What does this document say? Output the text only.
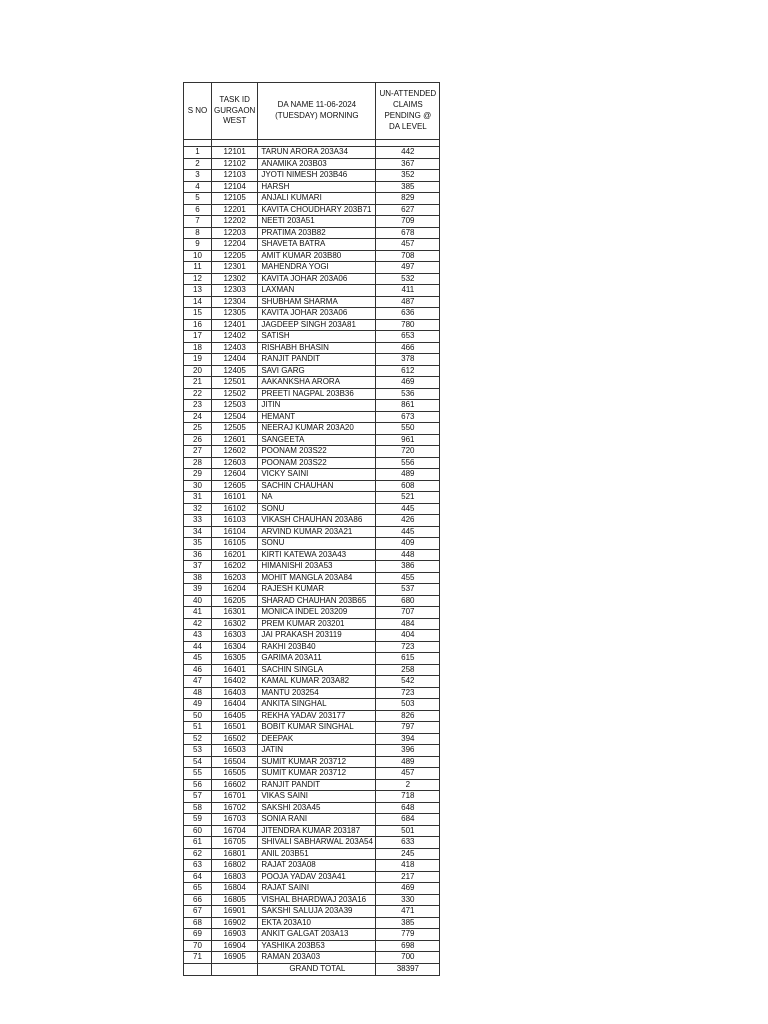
S NO	TASK ID GURGAON WEST	DA NAME 11-06-2024 (TUESDAY) MORNING	UN-ATTENDED CLAIMS PENDING @ DA LEVEL

1	12101	TARUN ARORA 203A34	442
2	12102	ANAMIKA 203B03	367
3	12103	JYOTI NIMESH 203B46	352
4	12104	HARSH	385
5	12105	ANJALI KUMARI	829
6	12201	KAVITA CHOUDHARY 203B71	627
7	12202	NEETI 203A51	709
8	12203	PRATIMA 203B82	678
9	12204	SHAVETA BATRA	457
10	12205	AMIT KUMAR 203B80	708
11	12301	MAHENDRA YOGI	497
12	12302	KAVITA JOHAR 203A06	532
13	12303	LAXMAN	411
14	12304	SHUBHAM SHARMA	487
15	12305	KAVITA JOHAR 203A06	636
16	12401	JAGDEEP SINGH 203A81	780
17	12402	SATISH	653
18	12403	RISHABH BHASIN	466
19	12404	RANJIT PANDIT	378
20	12405	SAVI GARG	612
21	12501	AAKANKSHA ARORA	469
22	12502	PREETI NAGPAL 203B36	536
23	12503	JITIN	861
24	12504	HEMANT	673
25	12505	NEERAJ KUMAR 203A20	550
26	12601	SANGEETA	961
27	12602	POONAM 203S22	720
28	12603	POONAM 203S22	556
29	12604	VICKY SAINI	489
30	12605	SACHIN CHAUHAN	608
31	16101	NA	521
32	16102	SONU	445
33	16103	VIKASH CHAUHAN 203A86	426
34	16104	ARVIND KUMAR 203A21	445
35	16105	SONU	409
36	16201	KIRTI KATEWA 203A43	448
37	16202	HIMANISHI 203A53	386
38	16203	MOHIT MANGLA 203A84	455
39	16204	RAJESH KUMAR	537
40	16205	SHARAD CHAUHAN 203B65	680
41	16301	MONICA INDEL 203209	707
42	16302	PREM KUMAR 203201	484
43	16303	JAI PRAKASH 203119	404
44	16304	RAKHI 203B40	723
45	16305	GARIMA 203A11	615
46	16401	SACHIN SINGLA	258
47	16402	KAMAL KUMAR 203A82	542
48	16403	MANTU 203254	723
49	16404	ANKITA SINGHAL	503
50	16405	REKHA YADAV 203177	826
51	16501	BOBIT KUMAR SINGHAL	797
52	16502	DEEPAK	394
53	16503	JATIN	396
54	16504	SUMIT KUMAR 203712	489
55	16505	SUMIT KUMAR 203712	457
56	16602	RANJIT PANDIT	2
57	16701	VIKAS SAINI	718
58	16702	SAKSHI 203A45	648
59	16703	SONIA RANI	684
60	16704	JITENDRA KUMAR 203187	501
61	16705	SHIVALI SABHARWAL 203A54	633
62	16801	ANIL 203B51	245
63	16802	RAJAT 203A08	418
64	16803	POOJA YADAV 203A41	217
65	16804	RAJAT SAINI	469
66	16805	VISHAL BHARDWAJ 203A16	330
67	16901	SAKSHI SALUJA 203A39	471
68	16902	EKTA 203A10	385
69	16903	ANKIT GALGAT 203A13	779
70	16904	YASHIKA 203B53	698
71	16905	RAMAN 203A03	700
		GRAND TOTAL	38397
